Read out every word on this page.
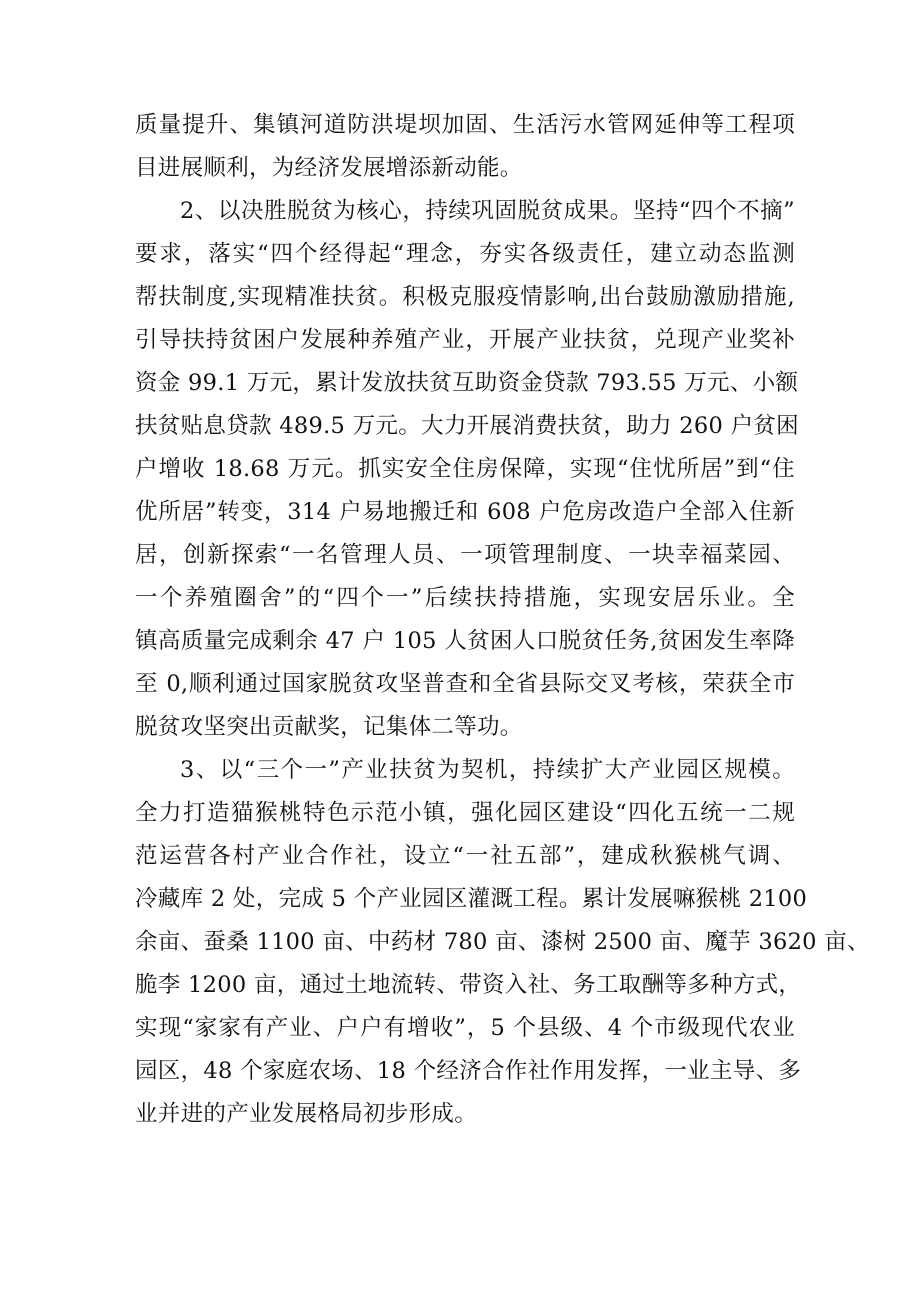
质量提升、集镇河道防洪堤坝加固、生活污水管网延伸等工程项
目进展顺利，为经济发展增添新动能。
2、以决胜脱贫为核心，持续巩固脱贫成果。坚持“四个不摘”
要求，落实“四个经得起“理念，夯实各级责任，建立动态监测
帮扶制度,实现精准扶贫。积极克服疫情影响,出台鼓励激励措施,
引导扶持贫困户发展种养殖产业，开展产业扶贫，兑现产业奖补
资金 99.1 万元，累计发放扶贫互助资金贷款 793.55 万元、小额
扶贫贴息贷款 489.5 万元。大力开展消费扶贫，助力 260 户贫困
户增收 18.68 万元。抓实安全住房保障，实现“住忧所居”到“住
优所居”转变，314 户易地搬迁和 608 户危房改造户全部入住新
居，创新探索“一名管理人员、一项管理制度、一块幸福菜园、
一个养殖圈舍”的“四个一”后续扶持措施，实现安居乐业。全
镇高质量完成剩余 47 户 105 人贫困人口脱贫任务,贫困发生率降
至 0,顺利通过国家脱贫攻坚普查和全省县际交叉考核，荣获全市
脱贫攻坚突出贡献奖，记集体二等功。
3、以“三个一”产业扶贫为契机，持续扩大产业园区规模。
全力打造猫猴桃特色示范小镇，强化园区建设“四化五统一二规
范运营各村产业合作社，设立“一社五部”，建成秋猴桃气调、
冷藏库 2 处，完成 5 个产业园区灌溉工程。累计发展嘛猴桃 2100
余亩、蚕桑 1100 亩、中药材 780 亩、漆树 2500 亩、魔芋 3620 亩、
脆李 1200 亩，通过土地流转、带资入社、务工取酬等多种方式，
实现“家家有产业、户户有增收”，5 个县级、4 个市级现代农业
园区，48 个家庭农场、18 个经济合作社作用发挥，一业主导、多
业并进的产业发展格局初步形成。
